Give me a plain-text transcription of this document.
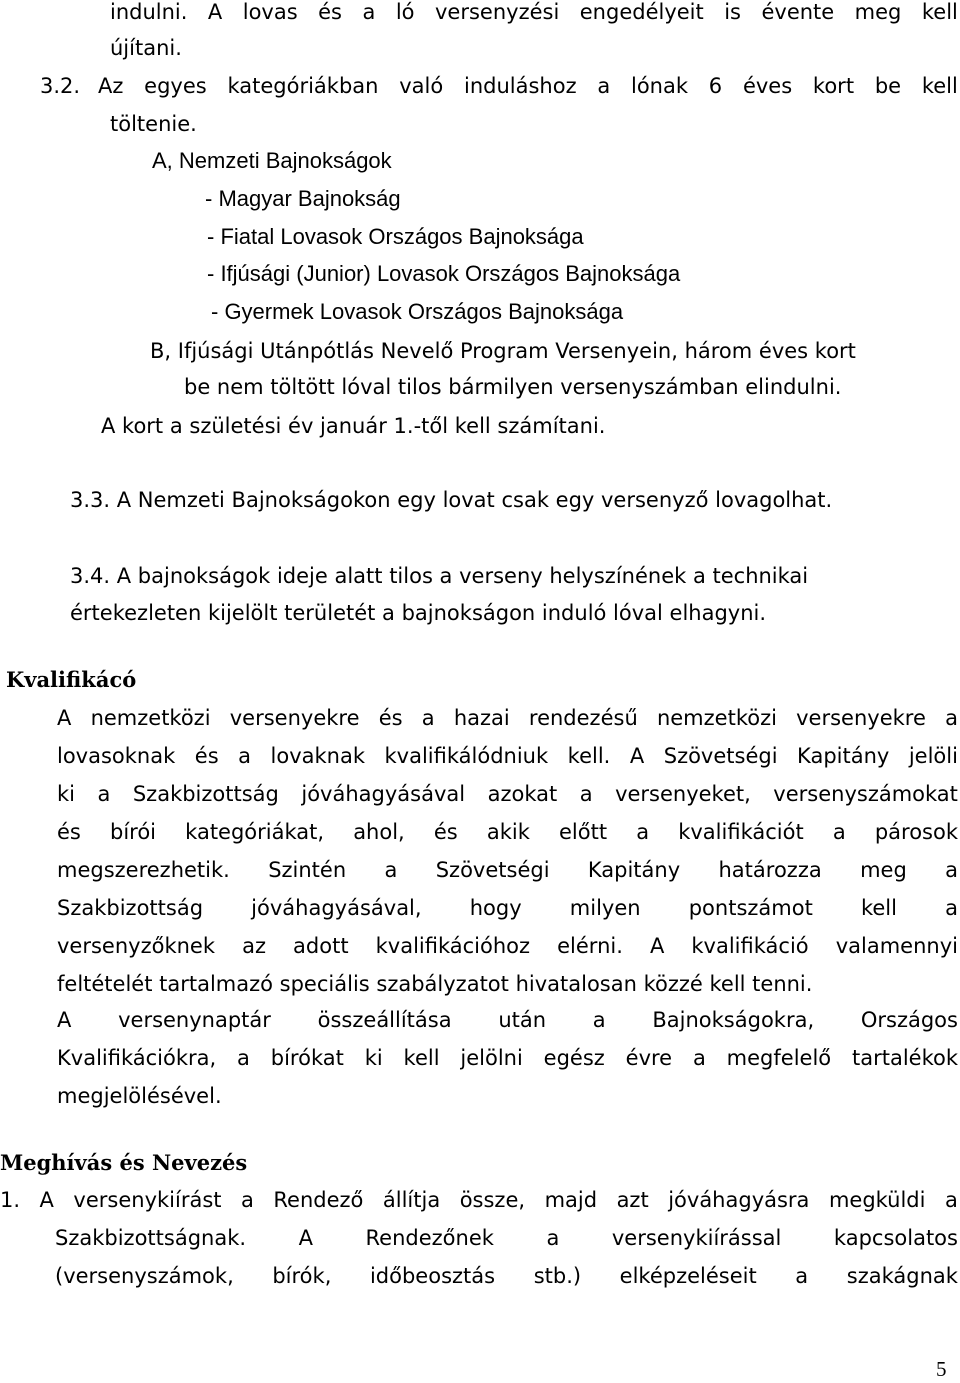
indulni. A lovas és a ló versenyzési engedélyeit is évente meg kell
újítani.
3.2. Az egyes kategóriákban való induláshoz a lónak 6 éves kort be kell
töltenie.
A, Nemzeti Bajnokságok
- Magyar Bajnokság
- Fiatal Lovasok Országos Bajnoksága
- Ifjúsági (Junior) Lovasok Országos Bajnoksága
- Gyermek Lovasok Országos Bajnoksága
B, Ifjúsági Utánpótlás Nevelő Program Versenyein, három éves kort
be nem töltött lóval tilos bármilyen versenyszámban elindulni.
A kort a születési év január 1.-től kell számítani.
3.3. A Nemzeti Bajnokságokon egy lovat csak egy versenyző lovagolhat.
3.4. A bajnokságok ideje alatt tilos a verseny helyszínének a technikai
értekezleten kijelölt területét a bajnokságon induló lóval elhagyni.
Kvalifikácó
A nemzetközi versenyekre és a hazai rendezésű nemzetközi versenyekre a
lovasoknak és a lovaknak kvalifikálódniuk kell. A Szövetségi Kapitány jelöli
ki a Szakbizottság jóváhagyásával azokat a versenyeket, versenyszámokat
és bírói kategóriákat, ahol, és akik előtt a kvalifikációt a párosok
megszerezhetik. Szintén a Szövetségi Kapitány határozza meg a
Szakbizottság jóváhagyásával, hogy milyen pontszámot kell a
versenyzőknek az adott kvalifikációhoz elérni. A kvalifikáció valamennyi
feltételét tartalmazó speciális szabályzatot hivatalosan közzé kell tenni.
A versenynaptár összeállítása után a Bajnokságokra, Országos
Kvalifikációkra, a bírókat ki kell jelölni egész évre a megfelelő tartalékok
megjelölésével.
Meghívás és Nevezés
1. A versenykiírást a Rendező állítja össze, majd azt jóváhagyásra megküldi a
Szakbizottságnak.	A	Rendezőnek	a	versenykiírással	kapcsolatos
(versenyszámok, bírók, időbeosztás stb.) elképzeléseit a szakágnak
5
